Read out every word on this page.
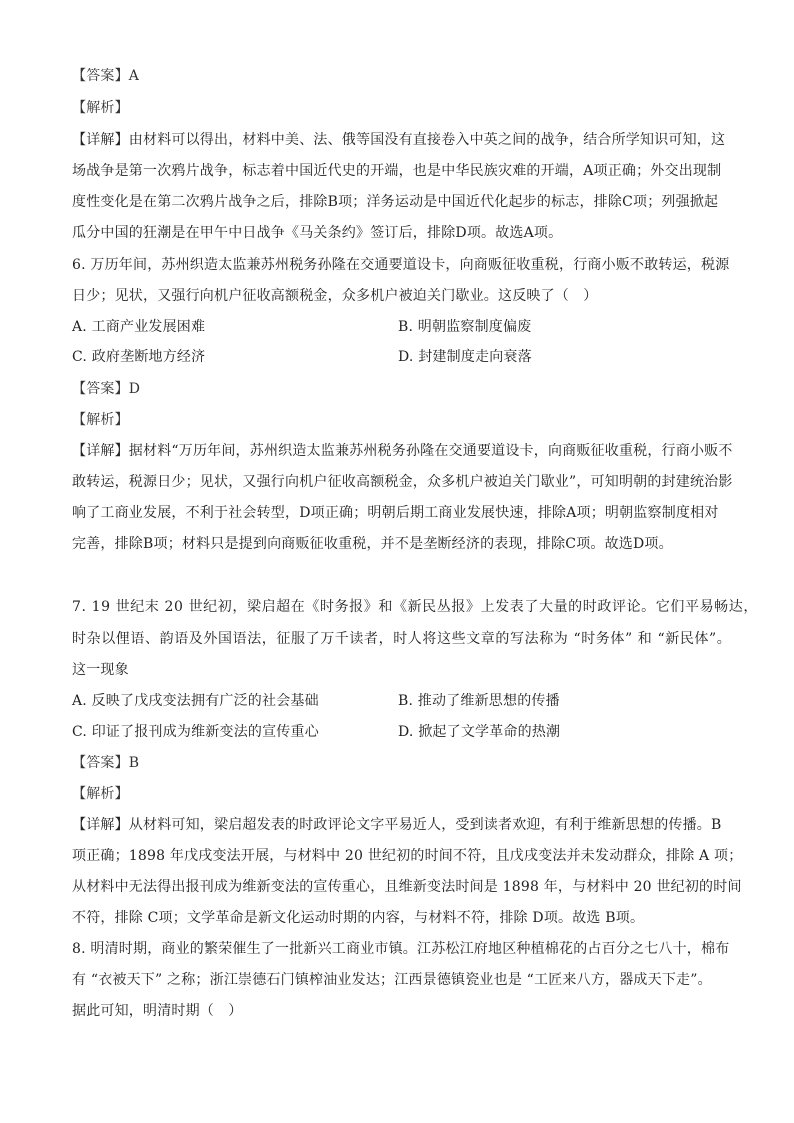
【答案】A
【解析】
【详解】由材料可以得出，材料中美、法、俄等国没有直接卷入中英之间的战争，结合所学知识可知，这
场战争是第一次鸦片战争，标志着中国近代史的开端，也是中华民族灾难的开端，A项正确；外交出现制
度性变化是在第二次鸦片战争之后，排除B项；洋务运动是中国近代化起步的标志，排除C项；列强掀起
瓜分中国的狂潮是在甲午中日战争《马关条约》签订后，排除D项。故选A项。
6. 万历年间，苏州织造太监兼苏州税务孙隆在交通要道设卡，向商贩征收重税，行商小贩不敢转运，税源
日少；见状，又强行向机户征收高额税金，众多机户被迫关门歇业。这反映了（　）
A. 工商产业发展困难	B. 明朝监察制度偏废
C. 政府垄断地方经济	D. 封建制度走向衰落
【答案】D
【解析】
【详解】据材料“万历年间，苏州织造太监兼苏州税务孙隆在交通要道设卡，向商贩征收重税，行商小贩不
敢转运，税源日少；见状，又强行向机户征收高额税金，众多机户被迫关门歇业”，可知明朝的封建统治影
响了工商业发展，不利于社会转型，D项正确；明朝后期工商业发展快速，排除A项；明朝监察制度相对
完善，排除B项；材料只是提到向商贩征收重税，并不是垄断经济的表现，排除C项。故选D项。
7. 19 世纪末 20 世纪初，梁启超在《时务报》和《新民丛报》上发表了大量的时政评论。它们平易畅达，
时杂以俚语、韵语及外国语法，征服了万千读者，时人将这些文章的写法称为 “时务体” 和 “新民体”。
这一现象
A. 反映了戊戌变法拥有广泛的社会基础	B. 推动了维新思想的传播
C. 印证了报刊成为维新变法的宣传重心	D. 掀起了文学革命的热潮
【答案】B
【解析】
【详解】从材料可知，梁启超发表的时政评论文字平易近人，受到读者欢迎，有利于维新思想的传播。B
项正确；1898 年戊戌变法开展，与材料中 20 世纪初的时间不符，且戊戌变法并未发动群众，排除 A 项；
从材料中无法得出报刊成为维新变法的宣传重心，且维新变法时间是 1898 年，与材料中 20 世纪初的时间
不符，排除 C项；文学革命是新文化运动时期的内容，与材料不符，排除 D项。故选 B项。
8. 明清时期，商业的繁荣催生了一批新兴工商业市镇。江苏松江府地区种植棉花的占百分之七八十，棉布
有 “衣被天下” 之称；浙江崇德石门镇榨油业发达；江西景德镇瓷业也是 “工匠来八方，器成天下走”。
据此可知，明清时期（　）
